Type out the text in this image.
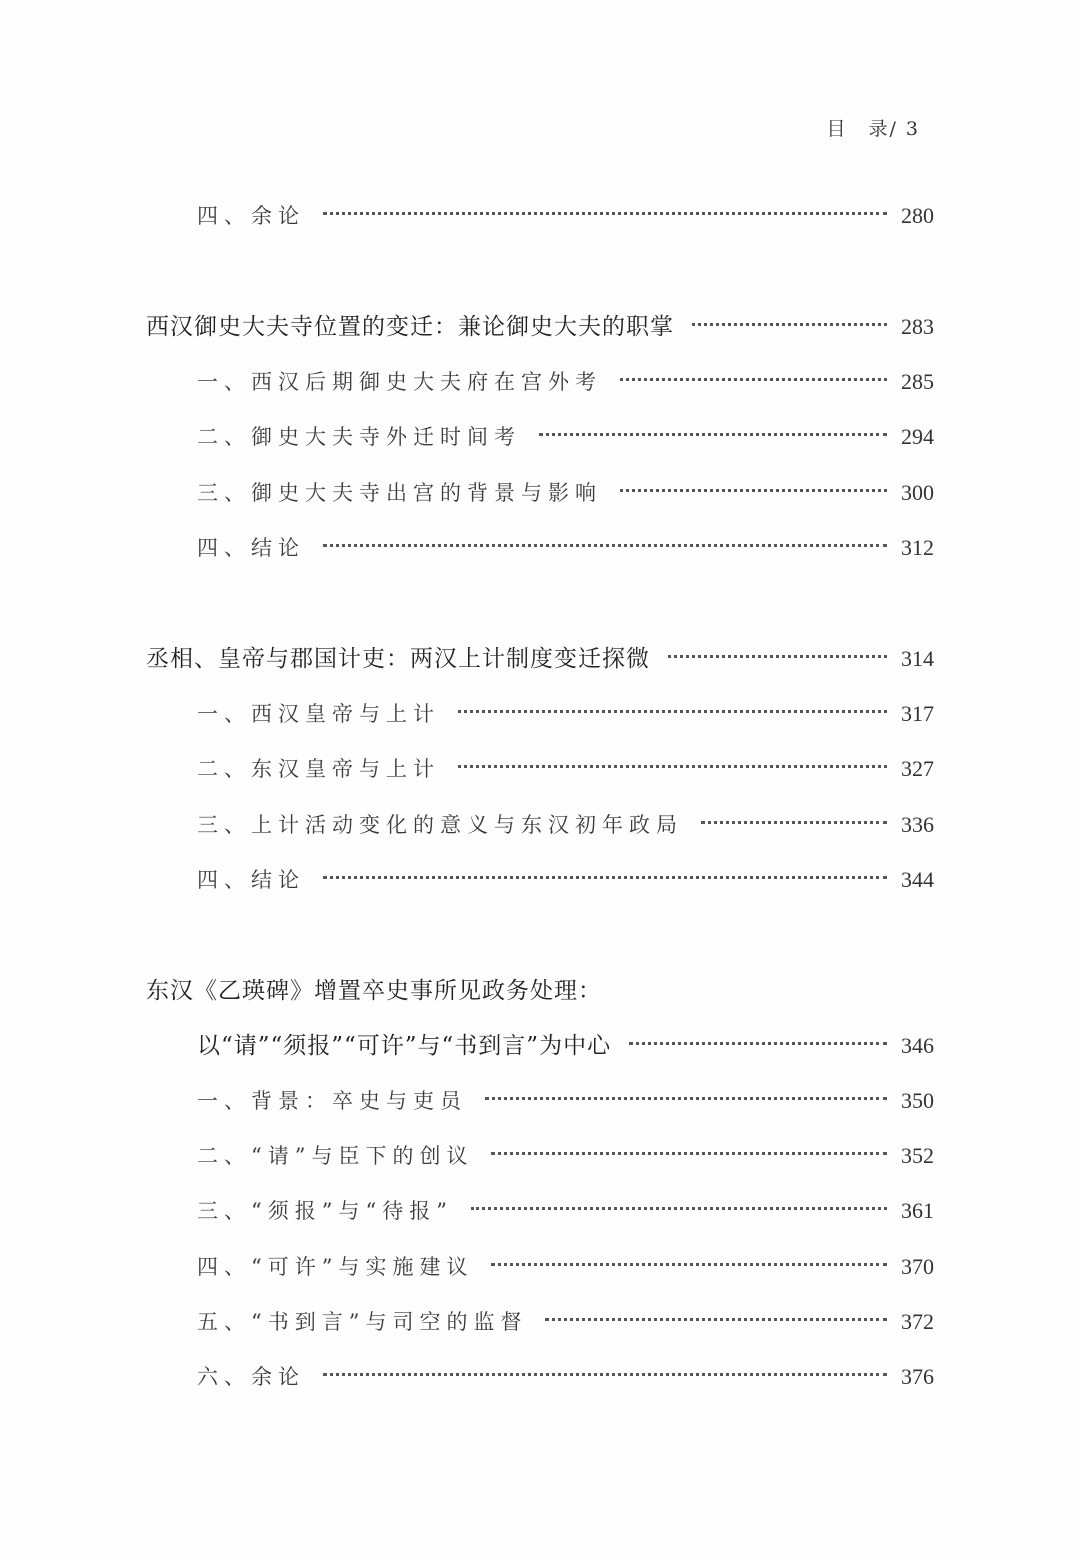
目　录/ 3
四、余论	280
西汉御史大夫寺位置的变迁：兼论御史大夫的职掌	283
一、西汉后期御史大夫府在宫外考	285
二、御史大夫寺外迁时间考	294
三、御史大夫寺出宫的背景与影响	300
四、结论	312
丞相、皇帝与郡国计吏：两汉上计制度变迁探微	314
一、西汉皇帝与上计	317
二、东汉皇帝与上计	327
三、上计活动变化的意义与东汉初年政局	336
四、结论	344
东汉《乙瑛碑》增置卒史事所见政务处理：
以“请”“须报”“可许”与“书到言”为中心	346
一、背景：卒史与吏员	350
二、“请”与臣下的创议	352
三、“须报”与“待报”	361
四、“可许”与实施建议	370
五、“书到言”与司空的监督	372
六、余论	376
